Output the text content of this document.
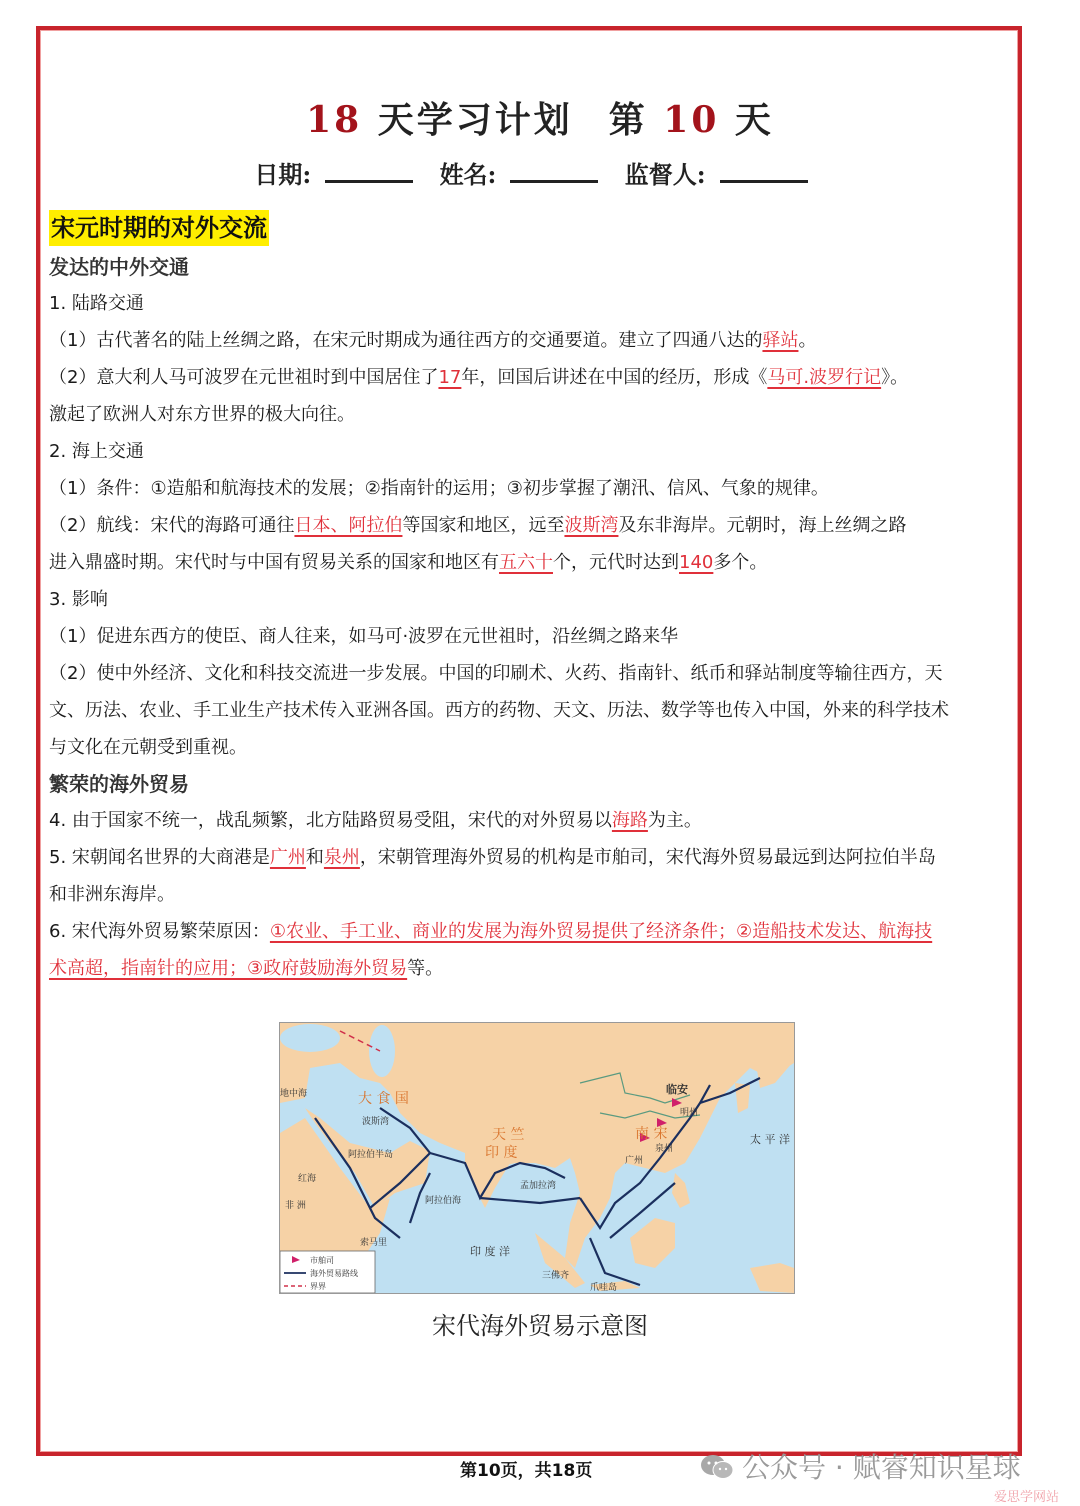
18 天学习计划 第 10 天
日期:	姓名:	监督人:
宋元时期的对外交流
发达的中外交通
1. 陆路交通
（1）古代著名的陆上丝绸之路，在宋元时期成为通往西方的交通要道。建立了四通八达的驿站。
（2）意大利人马可波罗在元世祖时到中国居住了17年，回国后讲述在中国的经历，形成《马可.波罗行记》。
激起了欧洲人对东方世界的极大向往。
2. 海上交通
（1）条件：①造船和航海技术的发展；②指南针的运用；③初步掌握了潮汛、信风、气象的规律。
（2）航线：宋代的海路可通往日本、阿拉伯等国家和地区，远至波斯湾及东非海岸。元朝时，海上丝绸之路
进入鼎盛时期。宋代时与中国有贸易关系的国家和地区有五六十个，元代时达到140多个。
3. 影响
（1）促进东西方的使臣、商人往来，如马可·波罗在元世祖时，沿丝绸之路来华
（2）使中外经济、文化和科技交流进一步发展。中国的印刷术、火药、指南针、纸币和驿站制度等输往西方，天
文、历法、农业、手工业生产技术传入亚洲各国。西方的药物、天文、历法、数学等也传入中国，外来的科学技术
与文化在元朝受到重视。
繁荣的海外贸易
4. 由于国家不统一，战乱频繁，北方陆路贸易受阻，宋代的对外贸易以海路为主。
5. 宋朝闻名世界的大商港是广州和泉州，宋朝管理海外贸易的机构是市舶司，宋代海外贸易最远到达阿拉伯半岛
和非洲东海岸。
6. 宋代海外贸易繁荣原因：①农业、手工业、商业的发展为海外贸易提供了经济条件；②造船技术发达、航海技
术高超，指南针的应用；③政府鼓励海外贸易等。
大 食 国
天 竺
印 度
南 宋
阿拉伯半岛
波斯湾
地中海
红海
阿拉伯海
印 度 洋
太 平 洋
非 洲
索马里
孟加拉湾
爪哇岛
三佛齐
临安
明州
广州
泉州
市舶司
海外贸易路线
界界
宋代海外贸易示意图
第10页，共18页	公众号 · 赋睿知识星球
爱思学网站
